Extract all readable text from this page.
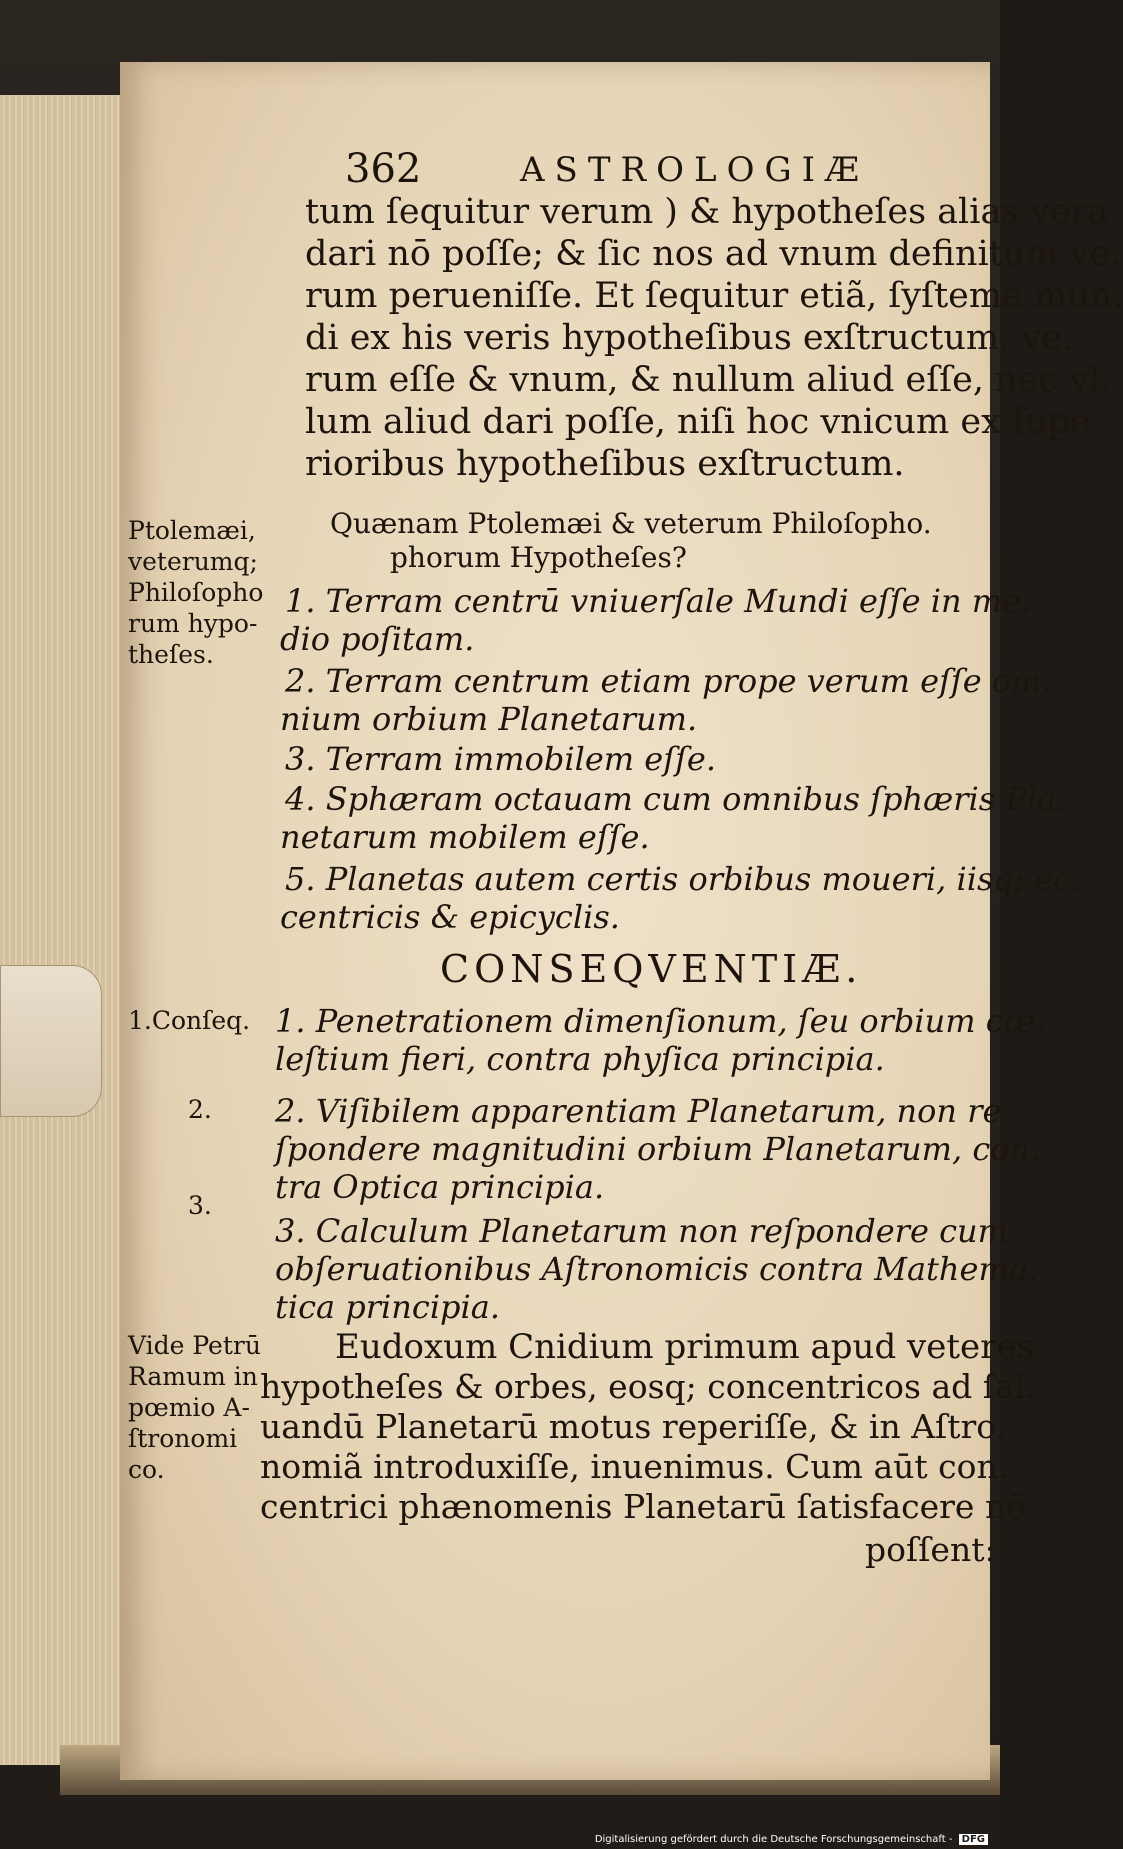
362	ASTROLOGIÆ
tum ſequitur verum ) & hypotheſes alias vera
dari nō poſſe; & ſic nos ad vnum definitum ve.
rum perueniſſe. Et ſequitur etiã, ſyſtema mun.
di ex his veris hypotheſibus exſtructum, ve.
rum eſſe & vnum, & nullum aliud eſſe, nec vl.
lum aliud dari poſſe, niſi hoc vnicum ex ſupe.
rioribus hypotheſibus exſtructum.
Ptolemæi,
veterumq;
Philoſopho
rum hypo-
theſes.
Quænam Ptolemæi & veterum Philoſopho.
phorum Hypotheſes?
1. Terram centrū vniuerſale Mundi eſſe in me.
dio poſitam.
2. Terram centrum etiam prope verum eſſe om.
nium orbium Planetarum.
3. Terram immobilem eſſe.
4. Sphæram octauam cum omnibus ſphæris Pla.
netarum mobilem eſſe.
5. Planetas autem certis orbibus moueri, iisq; ec.
centricis & epicyclis.
CONSEQVENTIÆ.
1.Conſeq.
2.
3.
1. Penetrationem dimenſionum, ſeu orbium cœ.
leſtium fieri, contra phyſica principia.
2. Viſibilem apparentiam Planetarum, non re.
ſpondere magnitudini orbium Planetarum, con.
tra Optica principia.
3. Calculum Planetarum non reſpondere cum
obſeruationibus Aſtronomicis contra Mathema.
tica principia.
Vide Petrū
Ramum in
pœmio A-
ſtronomi
co.
Eudoxum Cnidium primum apud veteres
hypotheſes & orbes, eosq; concentricos ad ſal.
uandū Planetarū motus reperiſſe, & in Aſtro.
nomiã introduxiſſe, inuenimus. Cum aūt con.
centrici phænomenis Planetarū ſatisfacere nō
poſſent:
Digitalisierung gefördert durch die Deutsche Forschungsgemeinschaft - DFG
